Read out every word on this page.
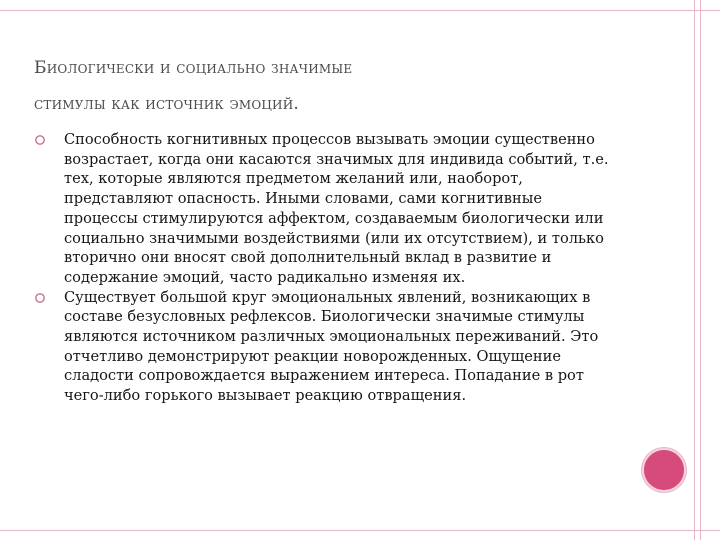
Биологически и социально значимые
стимулы как источник эмоций.
Способность когнитивных процессов вызывать эмоции существенно возрастает, когда они касаются значимых для индивида событий, т.е. тех, которые являются предметом желаний или, наоборот, представляют опасность. Иными словами, сами когнитивные процессы стимулируются аффектом, создаваемым биологически или социально значимыми воздействиями (или их отсутствием), и только вторично они вносят свой дополнительный вклад в развитие и содержание эмоций, часто радикально изменяя их.
Существует большой круг эмоциональных явлений, возникающих в составе безусловных рефлексов. Биологически значимые стимулы являются источником различных эмоциональных переживаний. Это отчетливо демонстрируют реакции новорожденных. Ощущение сладости сопровождается выражением интереса. Попадание в рот чего-либо горького вызывает реакцию отвращения.
